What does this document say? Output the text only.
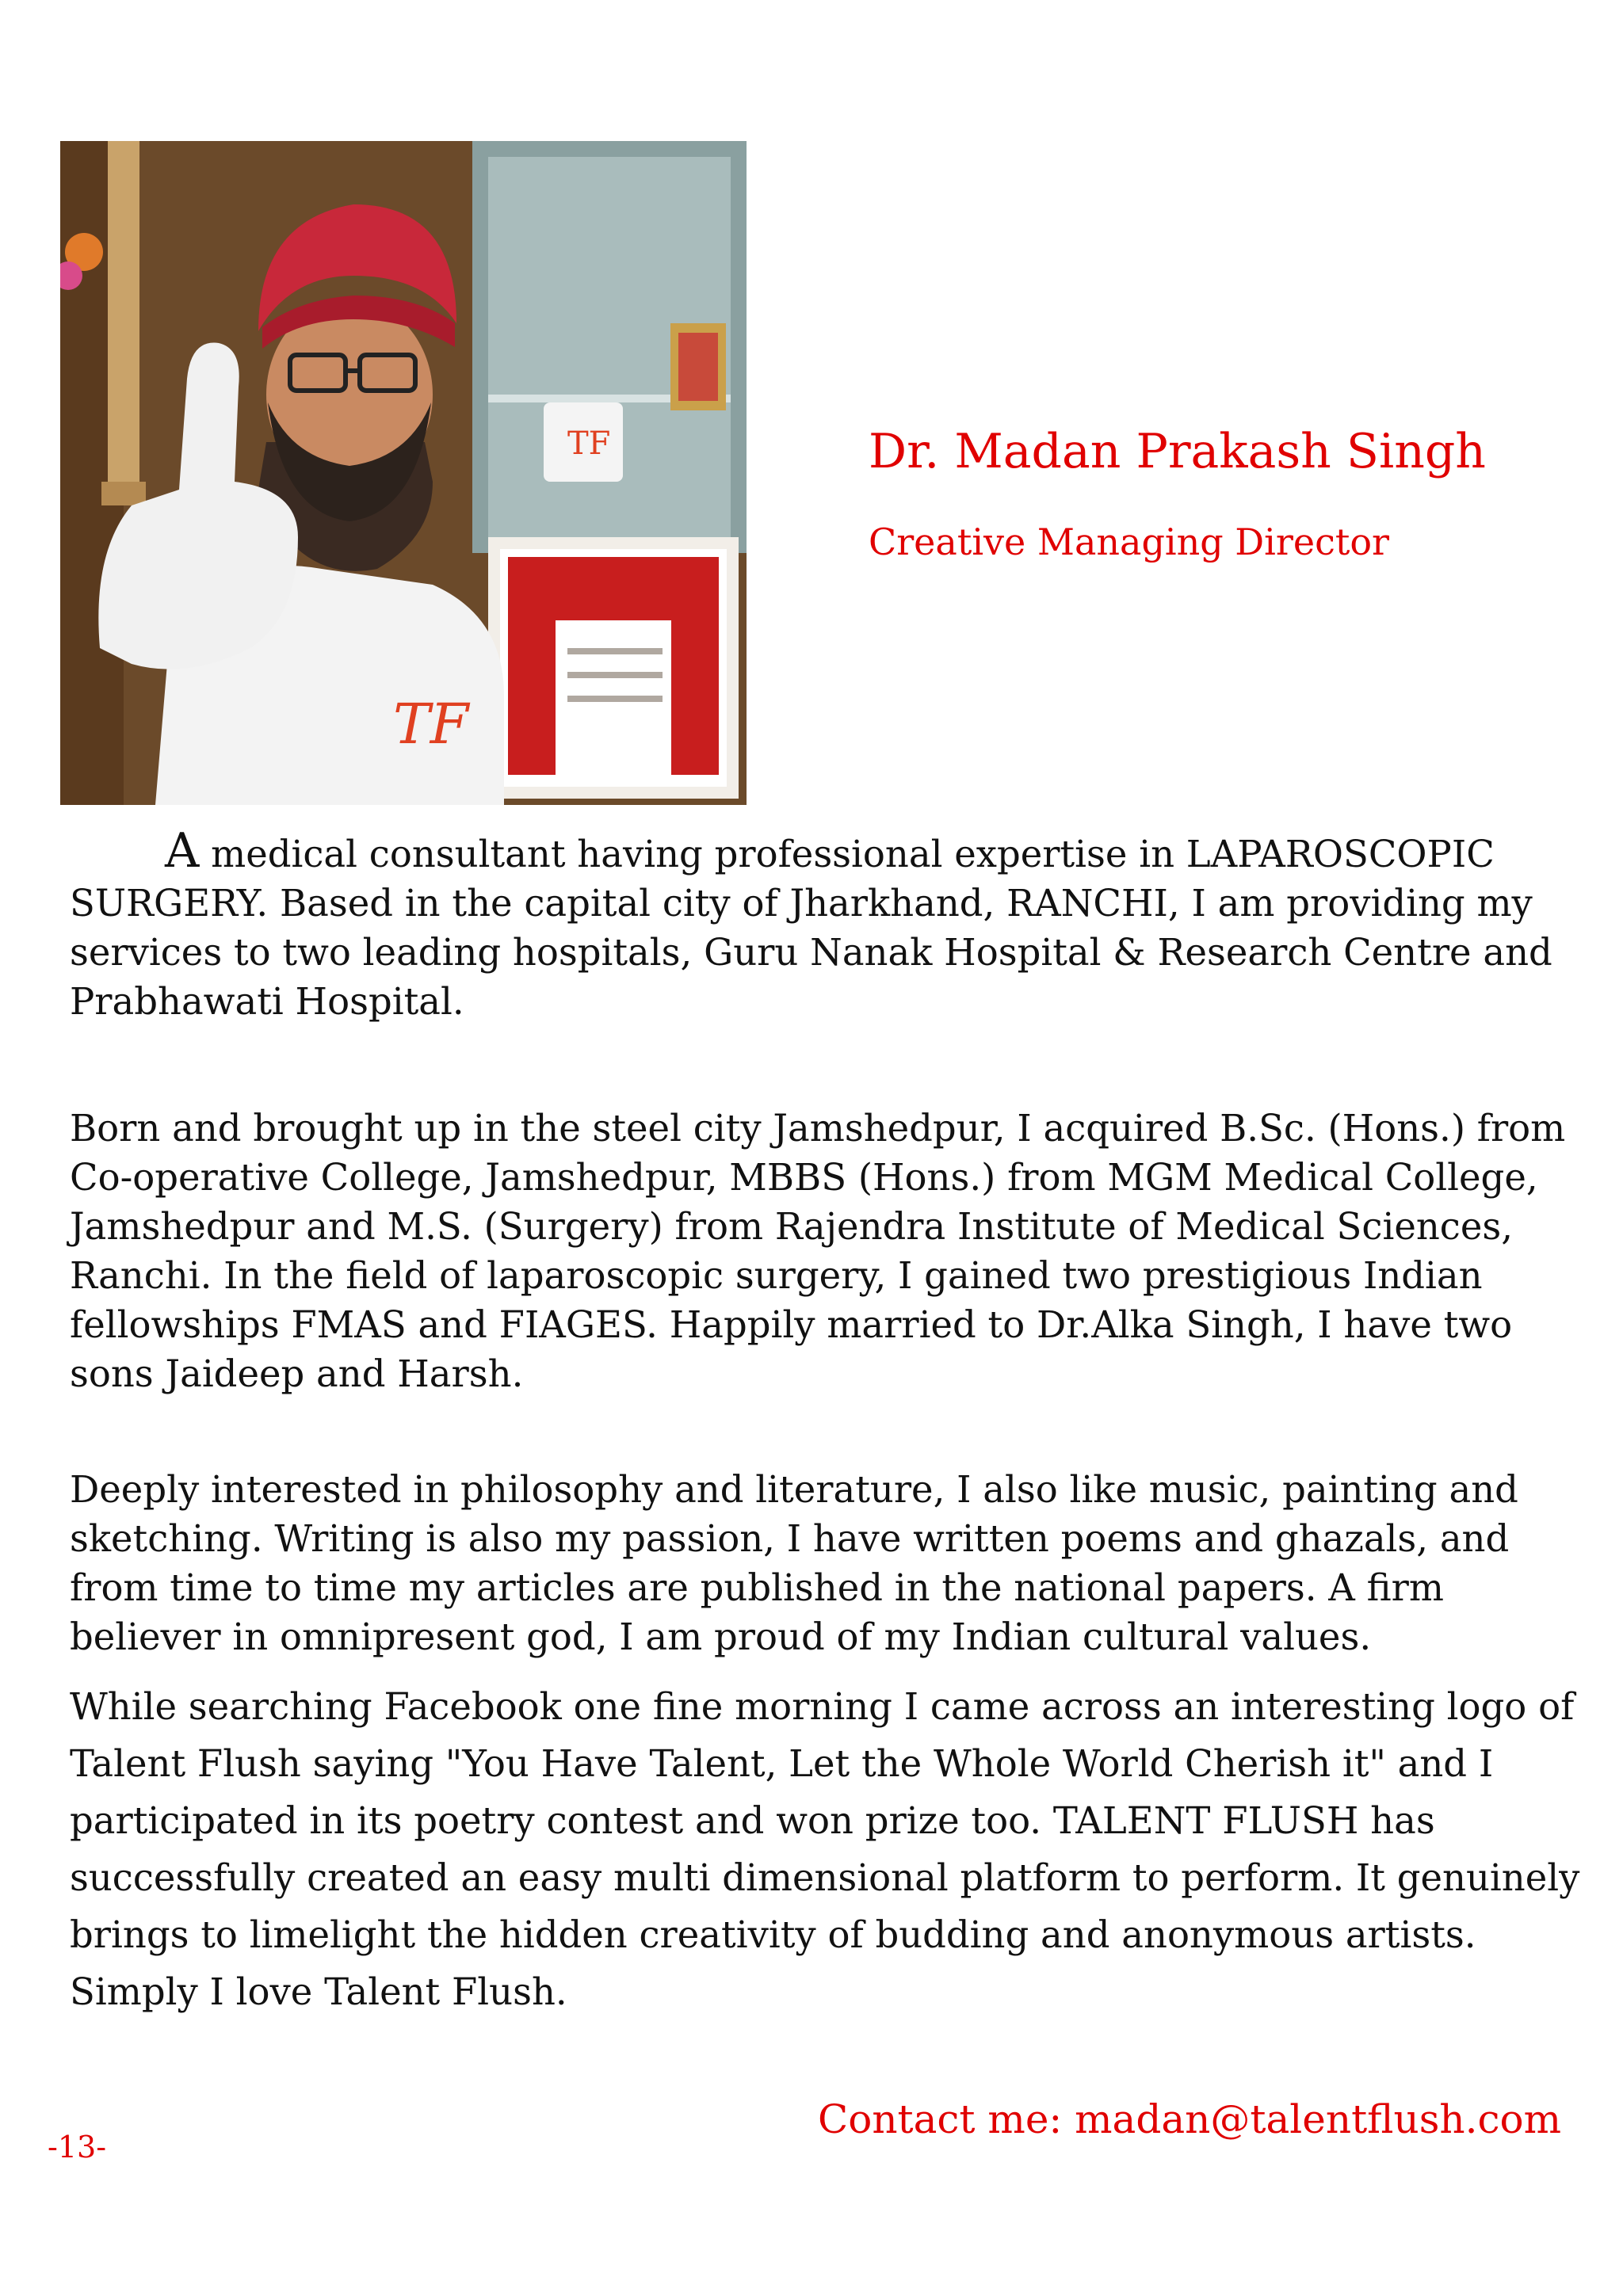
TF
TF
Dr. Madan Prakash Singh
Creative Managing Director

A medical consultant having professional expertise in LAPAROSCOPIC SURGERY. Based in the capital city of Jharkhand, RANCHI, I am providing my services to two leading hospitals, Guru Nanak Hospital & Research Centre and Prabhawati Hospital.

Born and brought up in the steel city Jamshedpur, I acquired B.Sc. (Hons.) from Co-operative College, Jamshedpur, MBBS (Hons.) from MGM Medical College, Jamshedpur and M.S. (Surgery) from Rajendra Institute of Medical Sciences, Ranchi. In the field of laparoscopic surgery, I gained two prestigious Indian fellowships FMAS and FIAGES. Happily married to Dr.Alka Singh, I have two sons Jaideep and Harsh.

Deeply interested in philosophy and literature, I also like music, painting and sketching. Writing is also my passion, I have written poems and ghazals, and from time to time my articles are published in the national papers. A firm believer in omnipresent god, I am proud of my Indian cultural values.

While searching Facebook one fine morning I came across an interesting logo of Talent Flush saying "You Have Talent, Let the Whole World Cherish it" and I participated in its poetry contest and won prize too. TALENT FLUSH has successfully created an easy multi dimensional platform to perform. It genuinely brings to limelight the hidden creativity of budding and anonymous artists. Simply I love Talent Flush.

Contact me: madan@talentflush.com
-13-
